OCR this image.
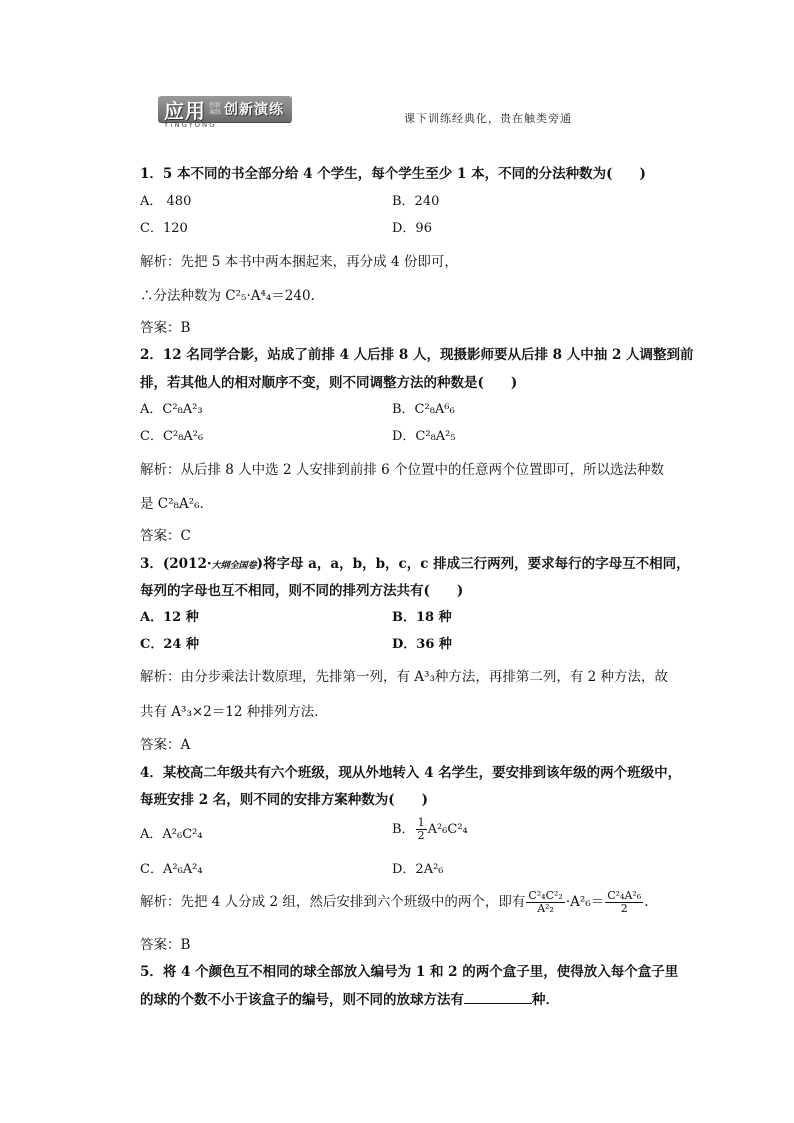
应用 创新
演练 创新演练
YINGYONG	课下训练经典化，贵在触类旁通
1．5 本不同的书全部分给 4 个学生，每个学生至少 1 本，不同的分法种数为(　　)
A． 480	B．240
C．120	D．96
解析：先把 5 本书中两本捆起来，再分成 4 份即可，
∴分法种数为 C²₅·A⁴₄＝240.
答案：B
2．12 名同学合影，站成了前排 4 人后排 8 人，现摄影师要从后排 8 人中抽 2 人调整到前
排，若其他人的相对顺序不变，则不同调整方法的种数是(　　)
A．C²₈A²₃	B．C²₈A⁶₆
C．C²₈A²₆	D．C²₈A²₅
解析：从后排 8 人中选 2 人安排到前排 6 个位置中的任意两个位置即可，所以选法种数
是 C²₈A²₆.
答案：C
3．(2012·大纲全国卷)将字母 a，a，b，b，c，c 排成三行两列，要求每行的字母互不相同，
每列的字母也互不相同，则不同的排列方法共有(　　)
A．12 种	B．18 种
C．24 种	D．36 种
解析：由分步乘法计数原理，先排第一列，有 A³₃种方法，再排第二列，有 2 种方法，故
共有 A³₃×2＝12 种排列方法．
答案：A
4．某校高二年级共有六个班级，现从外地转入 4 名学生，要安排到该年级的两个班级中，
每班安排 2 名，则不同的安排方案种数为(　　)
A．A²₆C²₄	B． $\frac{1}{2} A^2_6C^2_4$
C．A²₆A²₄	D．2A²₆
解析：先把 4 人分成 2 组，然后安排到六个班级中的两个，即有 $\frac{\text{C²₄C²₂}}{\text{A²₂}} \cdot A^2_6= \frac{\text{C²₄A²₆}}{2}$ .
答案：B
5．将 4 个颜色互不相同的球全部放入编号为 1 和 2 的两个盒子里，使得放入每个盒子里
的球的个数不小于该盒子的编号，则不同的放球方法有	种．
